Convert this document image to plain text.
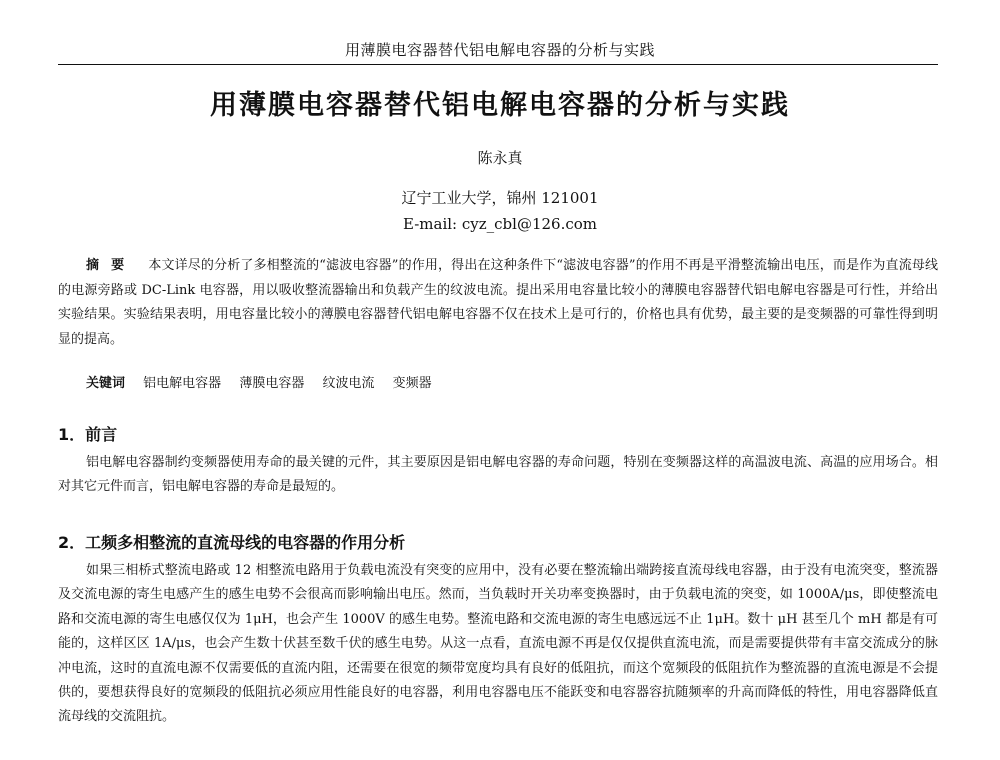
用薄膜电容器替代铝电解电容器的分析与实践
用薄膜电容器替代铝电解电容器的分析与实践
陈永真
辽宁工业大学，锦州 121001
E-mail: cyz_cbl@126.com
摘要 本文详尽的分析了多相整流的“滤波电容器”的作用，得出在这种条件下“滤波电容器”的作用不再是平滑整流输出电压，而是作为直流母线的电源旁路或 DC-Link 电容器，用以吸收整流器输出和负载产生的纹波电流。提出采用电容量比较小的薄膜电容器替代铝电解电容器是可行性，并给出实验结果。实验结果表明，用电容量比较小的薄膜电容器替代铝电解电容器不仅在技术上是可行的，价格也具有优势，最主要的是变频器的可靠性得到明显的提高。
关键词 铝电解电容器 薄膜电容器 纹波电流 变频器
1．前言
铝电解电容器制约变频器使用寿命的最关键的元件，其主要原因是铝电解电容器的寿命问题，特别在变频器这样的高温波电流、高温的应用场合。相对其它元件而言，铝电解电容器的寿命是最短的。
2．工频多相整流的直流母线的电容器的作用分析
如果三相桥式整流电路或 12 相整流电路用于负载电流没有突变的应用中，没有必要在整流输出端跨接直流母线电容器，由于没有电流突变，整流器及交流电源的寄生电感产生的感生电势不会很高而影响输出电压。然而，当负载时开关功率变换器时，由于负载电流的突变，如 1000A/μs，即使整流电路和交流电源的寄生电感仅仅为 1μH，也会产生 1000V 的感生电势。整流电路和交流电源的寄生电感远远不止 1μH。数十 μH 甚至几个 mH 都是有可能的，这样区区 1A/μs，也会产生数十伏甚至数千伏的感生电势。从这一点看，直流电源不再是仅仅提供直流电流，而是需要提供带有丰富交流成分的脉冲电流，这时的直流电源不仅需要低的直流内阻，还需要在很宽的频带宽度均具有良好的低阻抗，而这个宽频段的低阻抗作为整流器的直流电源是不会提供的，要想获得良好的宽频段的低阻抗必须应用性能良好的电容器，利用电容器电压不能跃变和电容器容抗随频率的升高而降低的特性，用电容器降低直流母线的交流阻抗。
